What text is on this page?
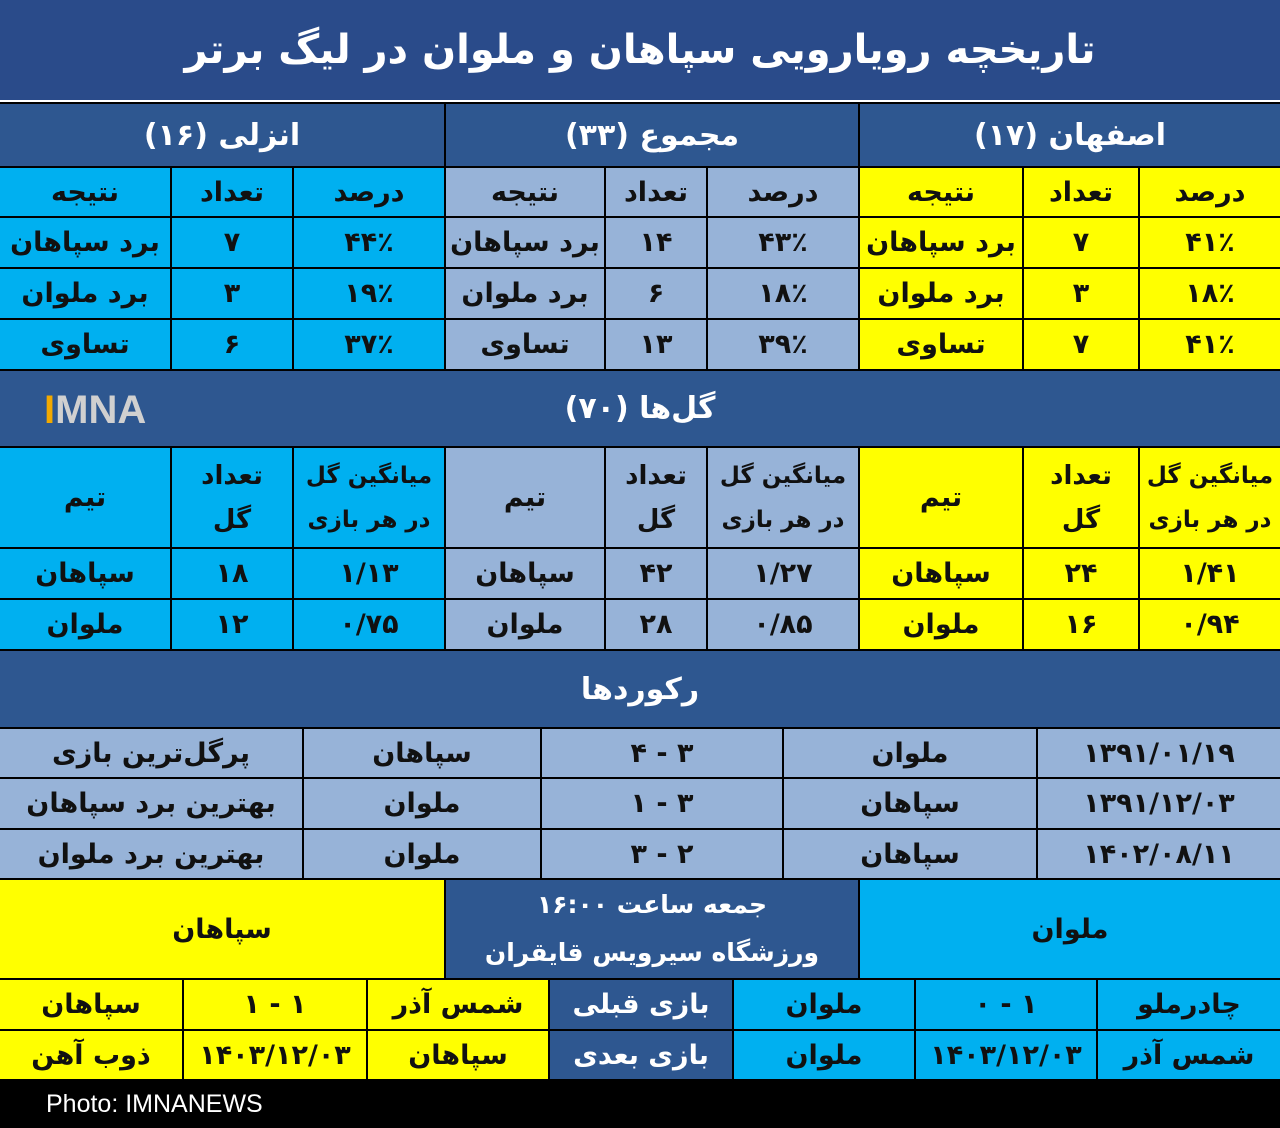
تاریخچه رویارویی سپاهان و ملوان در لیگ برتر
اصفهان (۱۷)
مجموع (۳۳)
انزلی (۱۶)
درصد
تعداد
نتیجه
درصد
تعداد
نتیجه
درصد
تعداد
نتیجه
۴۱٪
۷
برد سپاهان
۴۳٪
۱۴
برد سپاهان
۴۴٪
۷
برد سپاهان
۱۸٪
۳
برد ملوان
۱۸٪
۶
برد ملوان
۱۹٪
۳
برد ملوان
۴۱٪
۷
تساوی
۳۹٪
۱۳
تساوی
۳۷٪
۶
تساوی
گل‌ها (۷۰)
IMNA
میانگین گل
در هر بازی
تعداد
گل
تیم
میانگین گل
در هر بازی
تعداد
گل
تیم
میانگین گل
در هر بازی
تعداد
گل
تیم
۱/۴۱
۲۴
سپاهان
۱/۲۷
۴۲
سپاهان
۱/۱۳
۱۸
سپاهان
۰/۹۴
۱۶
ملوان
۰/۸۵
۲۸
ملوان
۰/۷۵
۱۲
ملوان
رکوردها
۱۳۹۱/۰۱/۱۹
ملوان
۳ - ۴
سپاهان
پرگل‌ترین بازی
۱۳۹۱/۱۲/۰۳
سپاهان
۳ - ۱
ملوان
بهترین برد سپاهان
۱۴۰۲/۰۸/۱۱
سپاهان
۲ - ۳
ملوان
بهترین برد ملوان
ملوان
جمعه ساعت ۱۶:۰۰
ورزشگاه سیرویس قایقران
سپاهان
چادرملو
۱ - ۰
ملوان
بازی قبلی
شمس آذر
۱ - ۱
سپاهان
شمس آذر
۱۴۰۳/۱۲/۰۳
ملوان
بازی بعدی
سپاهان
۱۴۰۳/۱۲/۰۳
ذوب آهن
Photo: IMNANEWS
